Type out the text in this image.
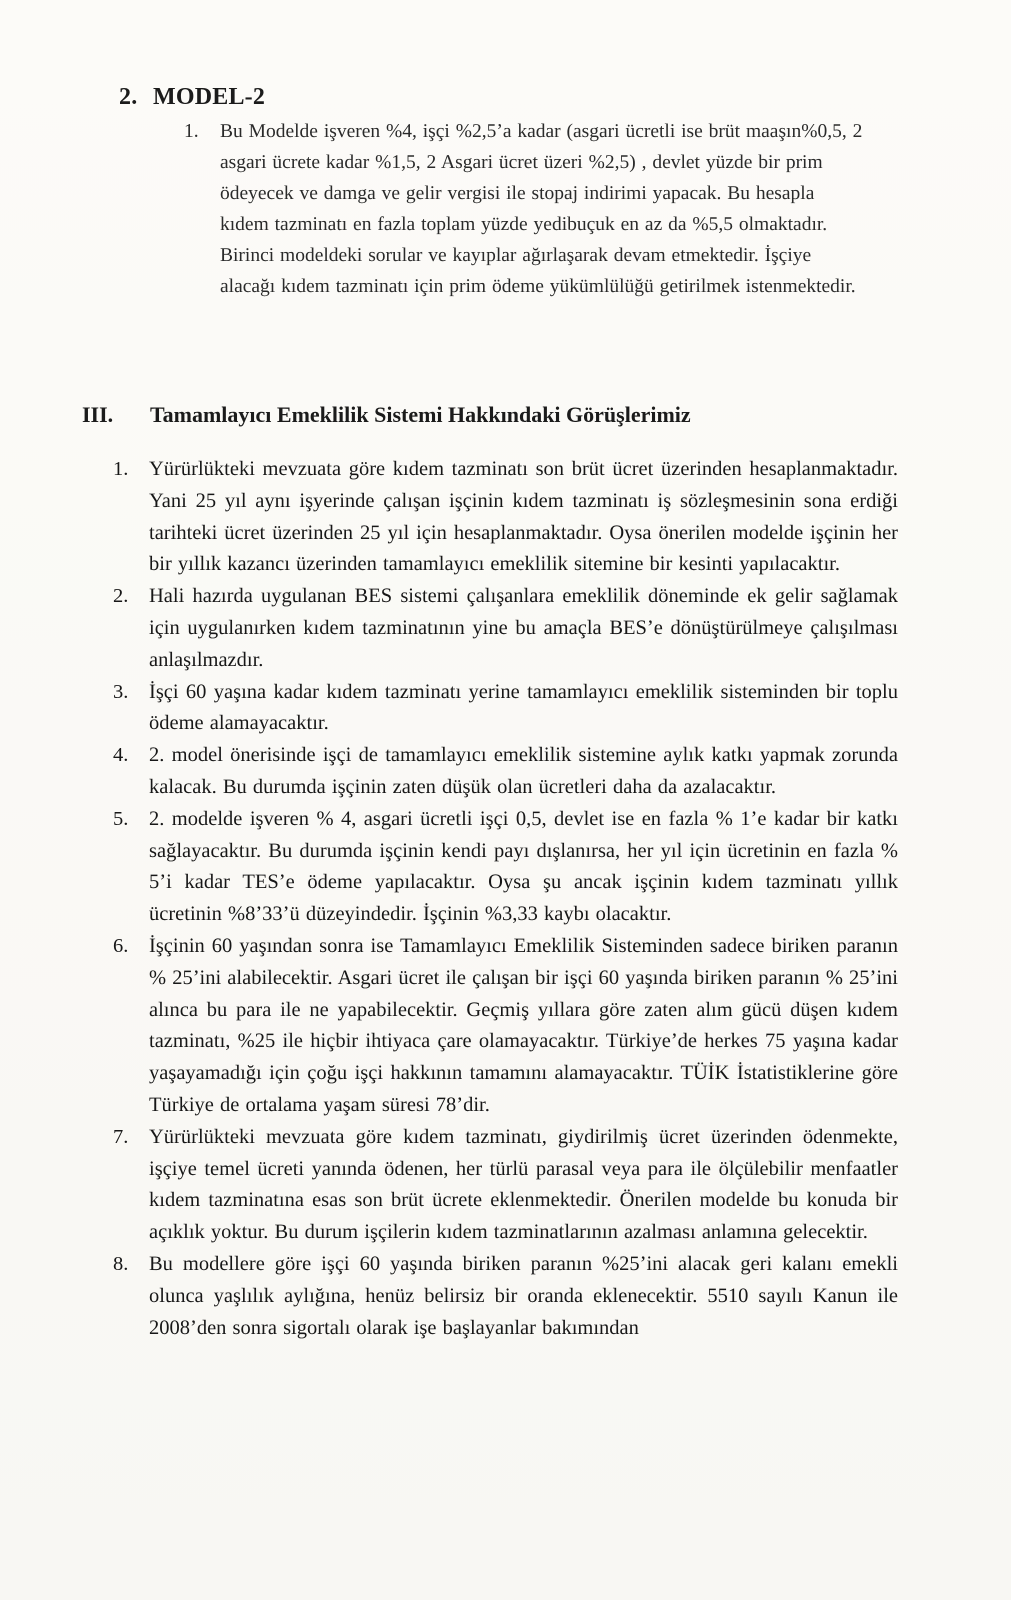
2. MODEL-2
1. Bu Modelde işveren %4, işçi %2,5’a kadar (asgari ücretli ise brüt maaşın%0,5, 2 asgari ücrete kadar %1,5, 2 Asgari ücret üzeri %2,5) , devlet yüzde bir prim ödeyecek ve damga ve gelir vergisi ile stopaj indirimi yapacak. Bu hesapla kıdem tazminatı en fazla toplam yüzde yedibuçuk en az da %5,5 olmaktadır. Birinci modeldeki sorular ve kayıplar ağırlaşarak devam etmektedir. İşçiye alacağı kıdem tazminatı için prim ödeme yükümlülüğü getirilmek istenmektedir.
III.	Tamamlayıcı Emeklilik Sistemi Hakkındaki Görüşlerimiz
1. Yürürlükteki mevzuata göre kıdem tazminatı son brüt ücret üzerinden hesaplanmaktadır. Yani 25 yıl aynı işyerinde çalışan işçinin kıdem tazminatı iş sözleşmesinin sona erdiği tarihteki ücret üzerinden 25 yıl için hesaplanmaktadır. Oysa önerilen modelde işçinin her bir yıllık kazancı üzerinden tamamlayıcı emeklilik sitemine bir kesinti yapılacaktır.
2. Hali hazırda uygulanan BES sistemi çalışanlara emeklilik döneminde ek gelir sağlamak için uygulanırken kıdem tazminatının yine bu amaçla BES’e dönüştürülmeye çalışılması anlaşılmazdır.
3. İşçi 60 yaşına kadar kıdem tazminatı yerine tamamlayıcı emeklilik sisteminden bir toplu ödeme alamayacaktır.
4. 2. model önerisinde işçi de tamamlayıcı emeklilik sistemine aylık katkı yapmak zorunda kalacak. Bu durumda işçinin zaten düşük olan ücretleri daha da azalacaktır.
5. 2. modelde işveren % 4, asgari ücretli işçi 0,5, devlet ise en fazla % 1’e kadar bir katkı sağlayacaktır. Bu durumda işçinin kendi payı dışlanırsa, her yıl için ücretinin en fazla % 5’i kadar TES’e ödeme yapılacaktır. Oysa şu ancak işçinin kıdem tazminatı yıllık ücretinin %8’33’ü düzeyindedir. İşçinin %3,33 kaybı olacaktır.
6. İşçinin 60 yaşından sonra ise Tamamlayıcı Emeklilik Sisteminden sadece biriken paranın % 25’ini alabilecektir. Asgari ücret ile çalışan bir işçi 60 yaşında biriken paranın % 25’ini alınca bu para ile ne yapabilecektir. Geçmiş yıllara göre zaten alım gücü düşen kıdem tazminatı, %25 ile hiçbir ihtiyaca çare olamayacaktır. Türkiye’de herkes 75 yaşına kadar yaşayamadığı için çoğu işçi hakkının tamamını alamayacaktır. TÜİK İstatistiklerine göre Türkiye de ortalama yaşam süresi 78’dir.
7. Yürürlükteki mevzuata göre kıdem tazminatı, giydirilmiş ücret üzerinden ödenmekte, işçiye temel ücreti yanında ödenen, her türlü parasal veya para ile ölçülebilir menfaatler kıdem tazminatına esas son brüt ücrete eklenmektedir. Önerilen modelde bu konuda bir açıklık yoktur. Bu durum işçilerin kıdem tazminatlarının azalması anlamına gelecektir.
8. Bu modellere göre işçi 60 yaşında biriken paranın %25’ini alacak geri kalanı emekli olunca yaşlılık aylığına, henüz belirsiz bir oranda eklenecektir. 5510 sayılı Kanun ile 2008’den sonra sigortalı olarak işe başlayanlar bakımından
